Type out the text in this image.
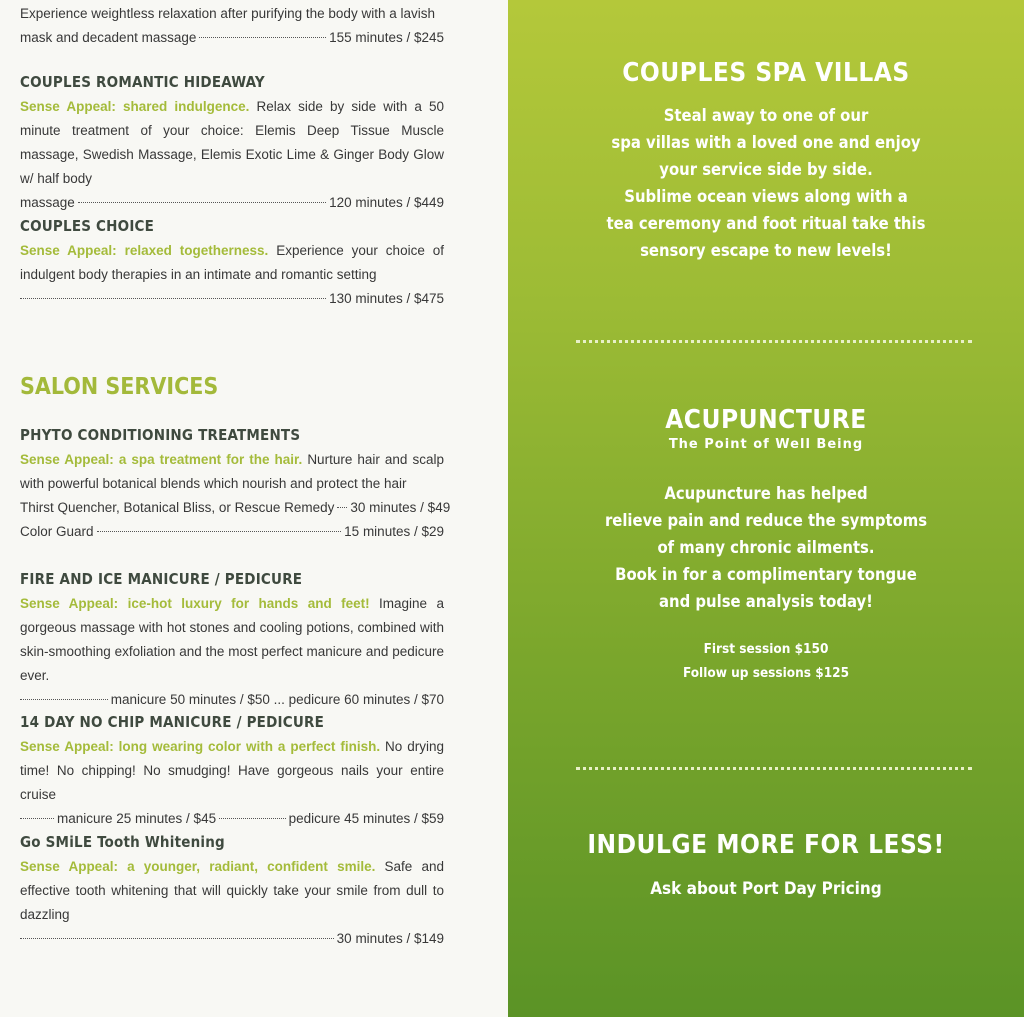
Experience weightless relaxation after purifying the body with a lavish

mask and decadent massage	155 minutes / $245
COUPLES ROMANTIC HIDEAWAY

Sense Appeal: shared indulgence. Relax side by side with a 50 minute treatment of your choice: Elemis Deep Tissue Muscle massage, Swedish Massage, Elemis Exotic Lime & Ginger Body Glow w/ half body

massage	120 minutes / $449
COUPLES CHOICE

Sense Appeal: relaxed togetherness. Experience your choice of indulgent body therapies in an intimate and romantic setting

130 minutes / $475
SALON SERVICES
PHYTO CONDITIONING TREATMENTS

Sense Appeal: a spa treatment for the hair. Nurture hair and scalp with powerful botanical blends which nourish and protect the hair

Thirst Quencher, Botanical Bliss, or Rescue Remedy 30 minutes / $49
Color Guard	15 minutes / $29
FIRE AND ICE MANICURE / PEDICURE

Sense Appeal: ice-hot luxury for hands and feet! Imagine a gorgeous massage with hot stones and cooling potions, combined with skin-smoothing exfoliation and the most perfect manicure and pedicure ever.

manicure 50 minutes / $50 ... pedicure 60 minutes / $70
14 DAY NO CHIP MANICURE / PEDICURE

Sense Appeal: long wearing color with a perfect finish. No drying time! No chipping! No smudging! Have gorgeous nails your entire cruise

manicure 25 minutes / $45	pedicure 45 minutes / $59
Go SMiLE Tooth Whitening

Sense Appeal: a younger, radiant, confident smile. Safe and effective tooth whitening that will quickly take your smile from dull to dazzling

30 minutes / $149
COUPLES SPA VILLAS

Steal away to one of our

spa villas with a loved one and enjoy

your service side by side.

Sublime ocean views along with a

tea ceremony and foot ritual take this

sensory escape to new levels!

ACUPUNCTURE
The Point of Well Being

Acupuncture has helped

relieve pain and reduce the symptoms

of many chronic ailments.

Book in for a complimentary tongue

and pulse analysis today!

First session $150
Follow up sessions $125
INDULGE MORE FOR LESS!
Ask about Port Day Pricing
